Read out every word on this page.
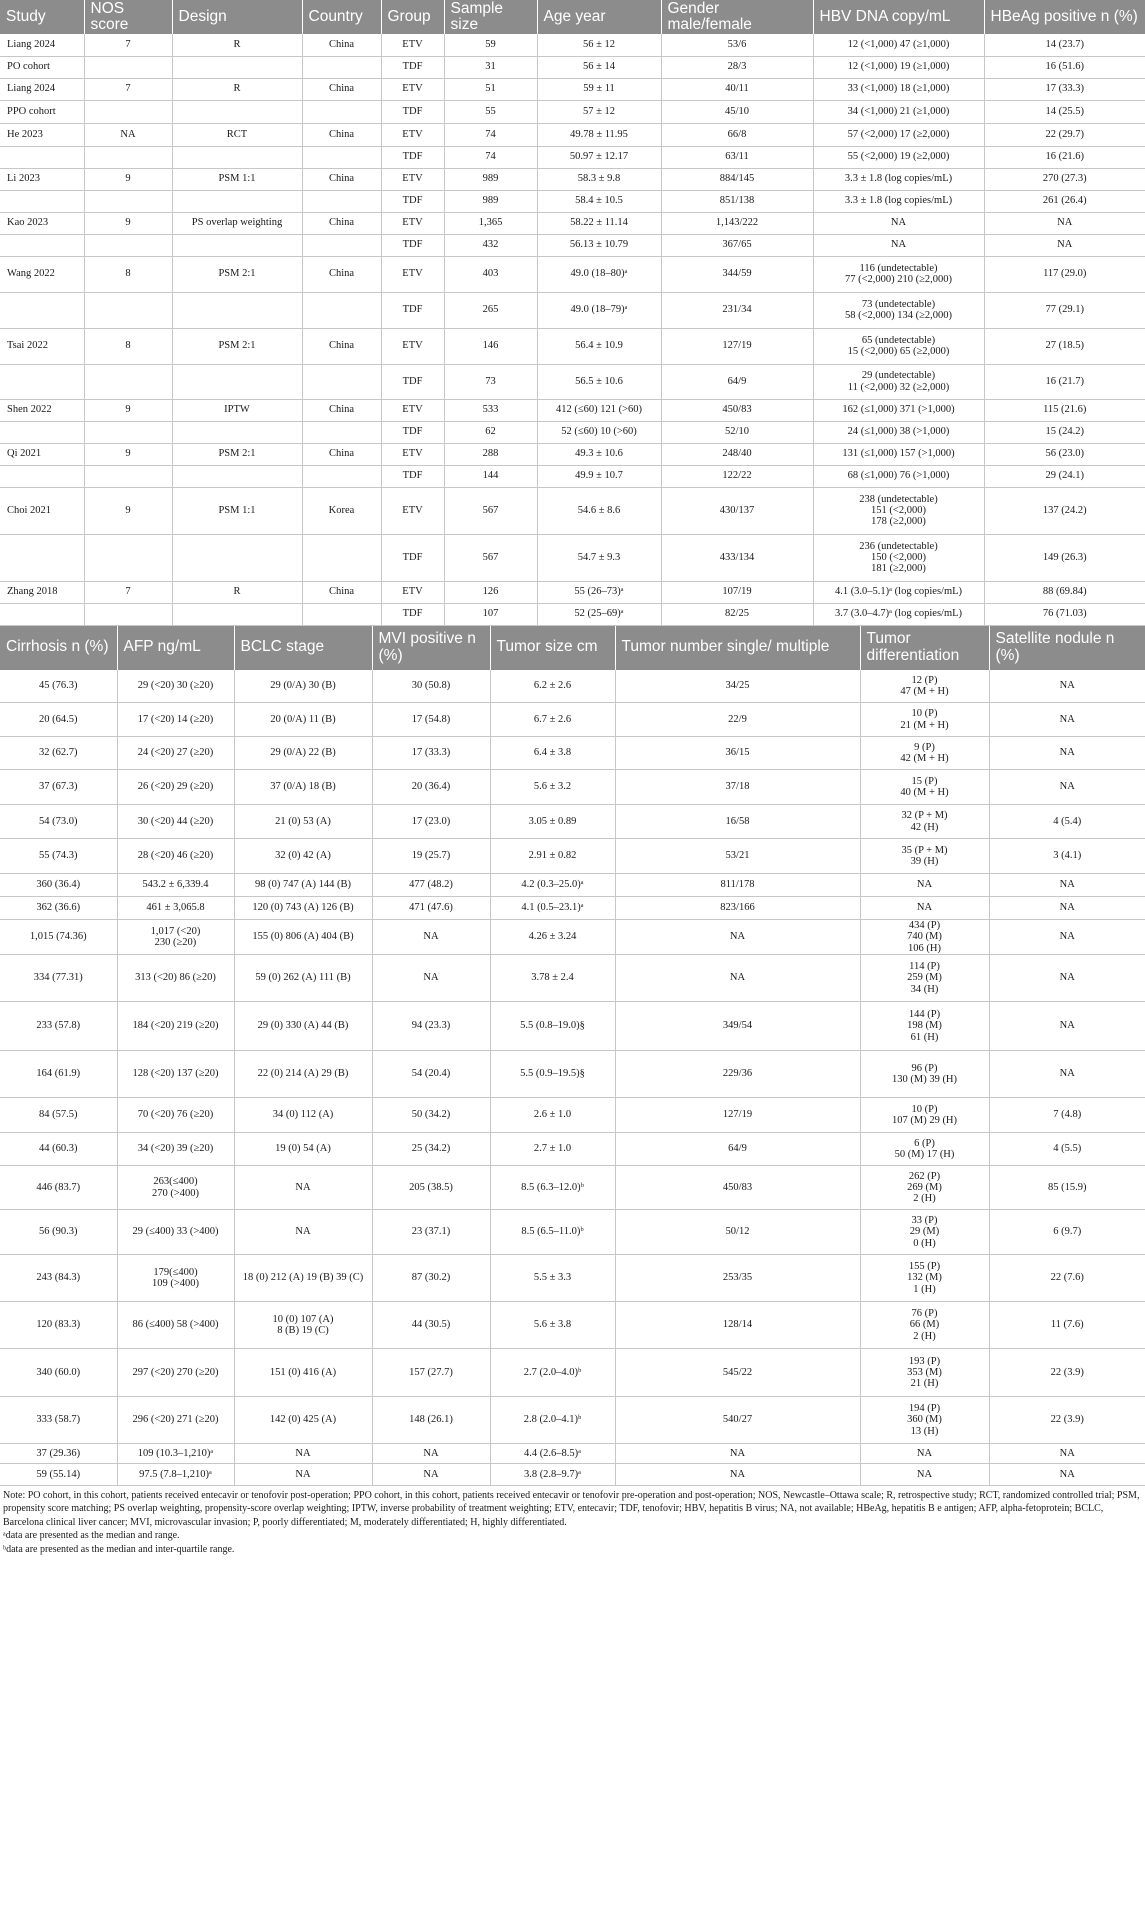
Study	NOS score	Design	Country	Group	Sample size	Age year	Gender male/female	HBV DNA copy/mL	HBeAg positive n (%)
Liang 2024	7	R	China	ETV	59	56 ± 12	53/6	12 (<1,000) 47 (≥1,000)	14 (23.7)
PO cohort				TDF	31	56 ± 14	28/3	12 (<1,000) 19 (≥1,000)	16 (51.6)
Liang 2024	7	R	China	ETV	51	59 ± 11	40/11	33 (<1,000) 18 (≥1,000)	17 (33.3)
PPO cohort				TDF	55	57 ± 12	45/10	34 (<1,000) 21 (≥1,000)	14 (25.5)
He 2023	NA	RCT	China	ETV	74	49.78 ± 11.95	66/8	57 (<2,000) 17 (≥2,000)	22 (29.7)
				TDF	74	50.97 ± 12.17	63/11	55 (<2,000) 19 (≥2,000)	16 (21.6)
Li 2023	9	PSM 1:1	China	ETV	989	58.3 ± 9.8	884/145	3.3 ± 1.8 (log copies/mL)	270 (27.3)
				TDF	989	58.4 ± 10.5	851/138	3.3 ± 1.8 (log copies/mL)	261 (26.4)
Kao 2023	9	PS overlap weighting	China	ETV	1,365	58.22 ± 11.14	1,143/222	NA	NA
				TDF	432	56.13 ± 10.79	367/65	NA	NA
Wang 2022	8	PSM 2:1	China	ETV	403	49.0 (18–80)ᵃ	344/59	116 (undetectable)
77 (<2,000) 210 (≥2,000)	117 (29.0)
				TDF	265	49.0 (18–79)ᵃ	231/34	73 (undetectable)
58 (<2,000) 134 (≥2,000)	77 (29.1)
Tsai 2022	8	PSM 2:1	China	ETV	146	56.4 ± 10.9	127/19	65 (undetectable)
15 (<2,000) 65 (≥2,000)	27 (18.5)
				TDF	73	56.5 ± 10.6	64/9	29 (undetectable)
11 (<2,000) 32 (≥2,000)	16 (21.7)
Shen 2022	9	IPTW	China	ETV	533	412 (≤60) 121 (>60)	450/83	162 (≤1,000) 371 (>1,000)	115 (21.6)
				TDF	62	52 (≤60) 10 (>60)	52/10	24 (≤1,000) 38 (>1,000)	15 (24.2)
Qi 2021	9	PSM 2:1	China	ETV	288	49.3 ± 10.6	248/40	131 (≤1,000) 157 (>1,000)	56 (23.0)
				TDF	144	49.9 ± 10.7	122/22	68 (≤1,000) 76 (>1,000)	29 (24.1)
Choi 2021	9	PSM 1:1	Korea	ETV	567	54.6 ± 8.6	430/137	238 (undetectable)
151 (<2,000)
178 (≥2,000)	137 (24.2)
				TDF	567	54.7 ± 9.3	433/134	236 (undetectable)
150 (<2,000)
181 (≥2,000)	149 (26.3)
Zhang 2018	7	R	China	ETV	126	55 (26–73)ᵃ	107/19	4.1 (3.0–5.1)ᵃ (log copies/mL)	88 (69.84)
				TDF	107	52 (25–69)ᵃ	82/25	3.7 (3.0–4.7)ᵃ (log copies/mL)	76 (71.03)
Cirrhosis n (%)	AFP ng/mL	BCLC stage	MVI positive n (%)	Tumor size cm	Tumor number single/ multiple	Tumor differentiation	Satellite nodule n (%)
45 (76.3)	29 (<20) 30 (≥20)	29 (0/A) 30 (B)	30 (50.8)	6.2 ± 2.6	34/25	12 (P)
47 (M + H)	NA
20 (64.5)	17 (<20) 14 (≥20)	20 (0/A) 11 (B)	17 (54.8)	6.7 ± 2.6	22/9	10 (P)
21 (M + H)	NA
32 (62.7)	24 (<20) 27 (≥20)	29 (0/A) 22 (B)	17 (33.3)	6.4 ± 3.8	36/15	9 (P)
42 (M + H)	NA
37 (67.3)	26 (<20) 29 (≥20)	37 (0/A) 18 (B)	20 (36.4)	5.6 ± 3.2	37/18	15 (P)
40 (M + H)	NA
54 (73.0)	30 (<20) 44 (≥20)	21 (0) 53 (A)	17 (23.0)	3.05 ± 0.89	16/58	32 (P + M)
42 (H)	4 (5.4)
55 (74.3)	28 (<20) 46 (≥20)	32 (0) 42 (A)	19 (25.7)	2.91 ± 0.82	53/21	35 (P + M)
39 (H)	3 (4.1)
360 (36.4)	543.2 ± 6,339.4	98 (0) 747 (A) 144 (B)	477 (48.2)	4.2 (0.3–25.0)ᵃ	811/178	NA	NA
362 (36.6)	461 ± 3,065.8	120 (0) 743 (A) 126 (B)	471 (47.6)	4.1 (0.5–23.1)ᵃ	823/166	NA	NA
1,015 (74.36)	1,017 (<20)
230 (≥20)	155 (0) 806 (A) 404 (B)	NA	4.26 ± 3.24	NA	434 (P)
740 (M)
106 (H)	NA
334 (77.31)	313 (<20) 86 (≥20)	59 (0) 262 (A) 111 (B)	NA	3.78 ± 2.4	NA	114 (P)
259 (M)
34 (H)	NA
233 (57.8)	184 (<20) 219 (≥20)	29 (0) 330 (A) 44 (B)	94 (23.3)	5.5 (0.8–19.0)§	349/54	144 (P)
198 (M)
61 (H)	NA
164 (61.9)	128 (<20) 137 (≥20)	22 (0) 214 (A) 29 (B)	54 (20.4)	5.5 (0.9–19.5)§	229/36	96 (P)
130 (M) 39 (H)	NA
84 (57.5)	70 (<20) 76 (≥20)	34 (0) 112 (A)	50 (34.2)	2.6 ± 1.0	127/19	10 (P)
107 (M) 29 (H)	7 (4.8)
44 (60.3)	34 (<20) 39 (≥20)	19 (0) 54 (A)	25 (34.2)	2.7 ± 1.0	64/9	6 (P)
50 (M) 17 (H)	4 (5.5)
446 (83.7)	263(≤400)
270 (>400)	NA	205 (38.5)	8.5 (6.3–12.0)ᵇ	450/83	262 (P)
269 (M)
2 (H)	85 (15.9)
56 (90.3)	29 (≤400) 33 (>400)	NA	23 (37.1)	8.5 (6.5–11.0)ᵇ	50/12	33 (P)
29 (M)
0 (H)	6 (9.7)
243 (84.3)	179(≤400)
109 (>400)	18 (0) 212 (A) 19 (B) 39 (C)	87 (30.2)	5.5 ± 3.3	253/35	155 (P)
132 (M)
1 (H)	22 (7.6)
120 (83.3)	86 (≤400) 58 (>400)	10 (0) 107 (A)
8 (B) 19 (C)	44 (30.5)	5.6 ± 3.8	128/14	76 (P)
66 (M)
2 (H)	11 (7.6)
340 (60.0)	297 (<20) 270 (≥20)	151 (0) 416 (A)	157 (27.7)	2.7 (2.0–4.0)ᵇ	545/22	193 (P)
353 (M)
21 (H)	22 (3.9)
333 (58.7)	296 (<20) 271 (≥20)	142 (0) 425 (A)	148 (26.1)	2.8 (2.0–4.1)ᵇ	540/27	194 (P)
360 (M)
13 (H)	22 (3.9)
37 (29.36)	109 (10.3–1,210)ᵃ	NA	NA	4.4 (2.6–8.5)ᵃ	NA	NA	NA
59 (55.14)	97.5 (7.8–1,210)ᵃ	NA	NA	3.8 (2.8–9.7)ᵃ	NA	NA	NA
Note: PO cohort, in this cohort, patients received entecavir or tenofovir post-operation; PPO cohort, in this cohort, patients received entecavir or tenofovir pre-operation and post-operation; NOS, Newcastle–Ottawa scale; R, retrospective study; RCT, randomized controlled trial; PSM, propensity score matching; PS overlap weighting, propensity-score overlap weighting; IPTW, inverse probability of treatment weighting; ETV, entecavir; TDF, tenofovir; HBV, hepatitis B virus; NA, not available; HBeAg, hepatitis B e antigen; AFP, alpha-fetoprotein; BCLC, Barcelona clinical liver cancer; MVI, microvascular invasion; P, poorly differentiated; M, moderately differentiated; H, highly differentiated.
ᵃdata are presented as the median and range.
ᵇdata are presented as the median and inter-quartile range.
